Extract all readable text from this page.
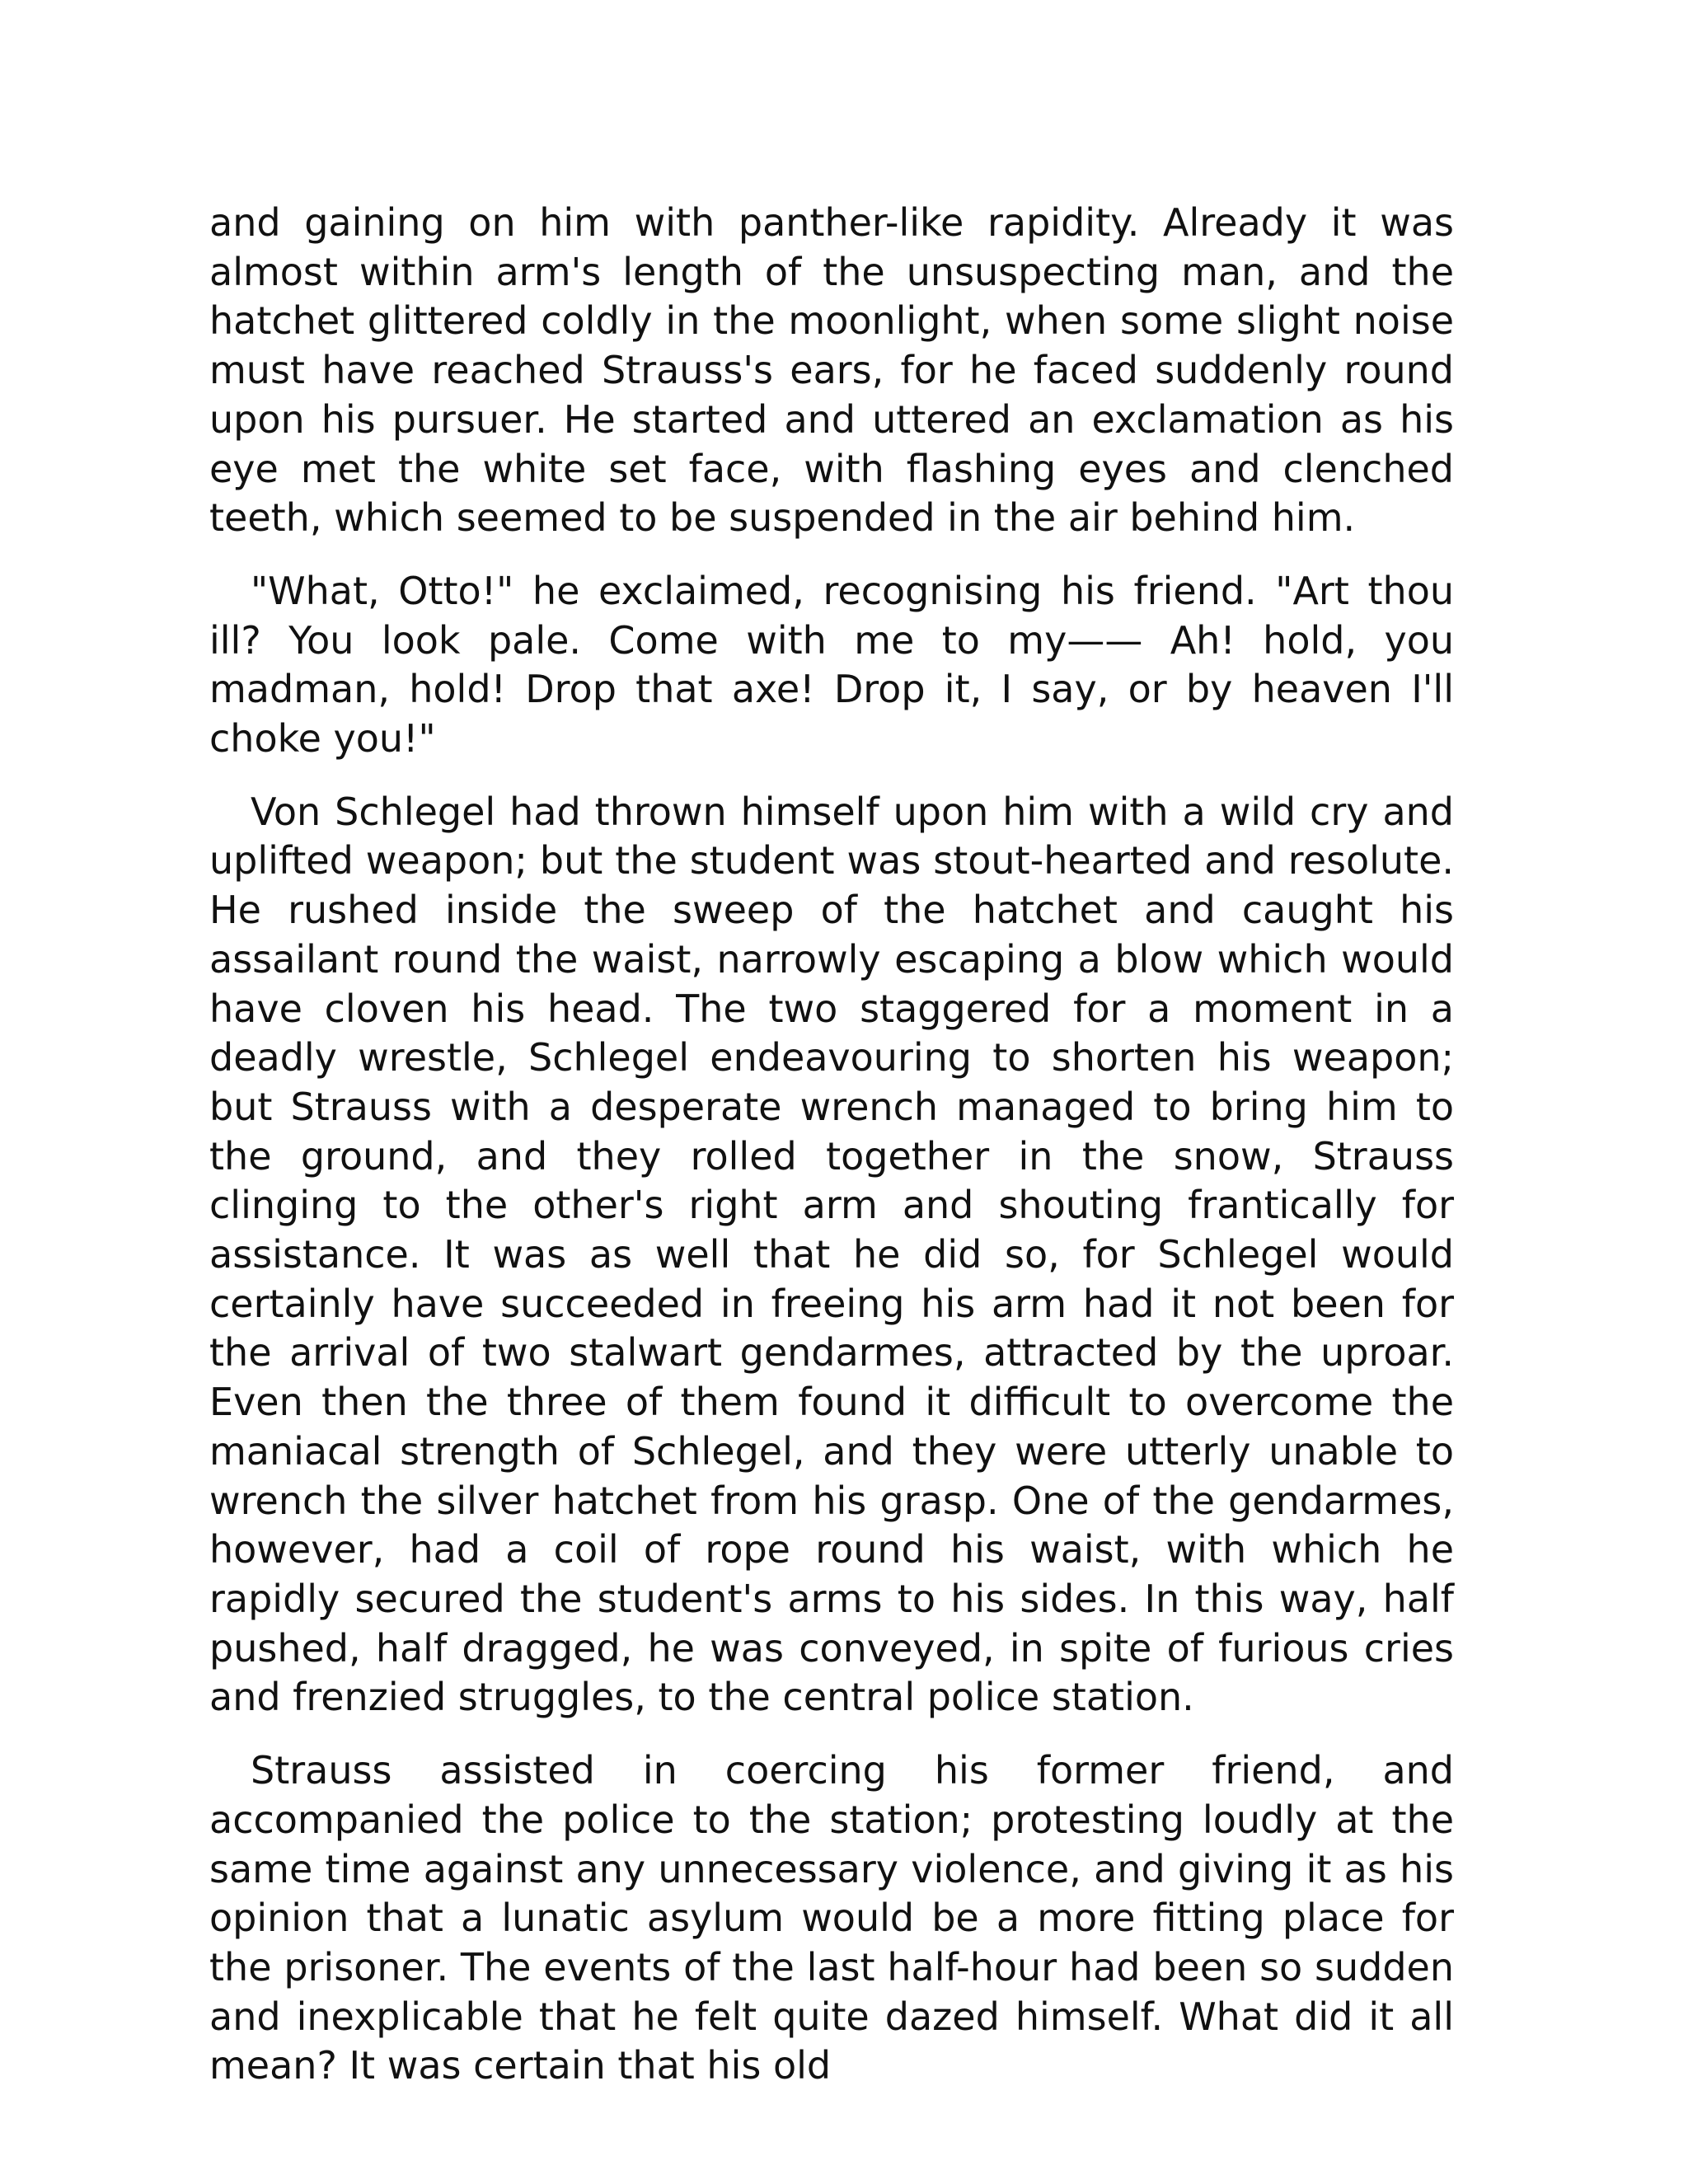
and gaining on him with panther-like rapidity. Already it was almost within arm's length of the unsuspecting man, and the hatchet glittered coldly in the moonlight, when some slight noise must have reached Strauss's ears, for he faced suddenly round upon his pursuer. He started and uttered an exclamation as his eye met the white set face, with flashing eyes and clenched teeth, which seemed to be suspended in the air behind him.

"What, Otto!" he exclaimed, recognising his friend. "Art thou ill? You look pale. Come with me to my—— Ah! hold, you madman, hold! Drop that axe! Drop it, I say, or by heaven I'll choke you!"

Von Schlegel had thrown himself upon him with a wild cry and uplifted weapon; but the student was stout-hearted and resolute. He rushed inside the sweep of the hatchet and caught his assailant round the waist, narrowly escaping a blow which would have cloven his head. The two staggered for a moment in a deadly wrestle, Schlegel endeavouring to shorten his weapon; but Strauss with a desperate wrench managed to bring him to the ground, and they rolled together in the snow, Strauss clinging to the other's right arm and shouting frantically for assistance. It was as well that he did so, for Schlegel would certainly have succeeded in freeing his arm had it not been for the arrival of two stalwart gendarmes, attracted by the uproar. Even then the three of them found it difficult to overcome the maniacal strength of Schlegel, and they were utterly unable to wrench the silver hatchet from his grasp. One of the gendarmes, however, had a coil of rope round his waist, with which he rapidly secured the student's arms to his sides. In this way, half pushed, half dragged, he was conveyed, in spite of furious cries and frenzied struggles, to the central police station.

Strauss assisted in coercing his former friend, and accompanied the police to the station; protesting loudly at the same time against any unnecessary violence, and giving it as his opinion that a lunatic asylum would be a more fitting place for the prisoner. The events of the last half-hour had been so sudden and inexplicable that he felt quite dazed himself. What did it all mean? It was certain that his old
